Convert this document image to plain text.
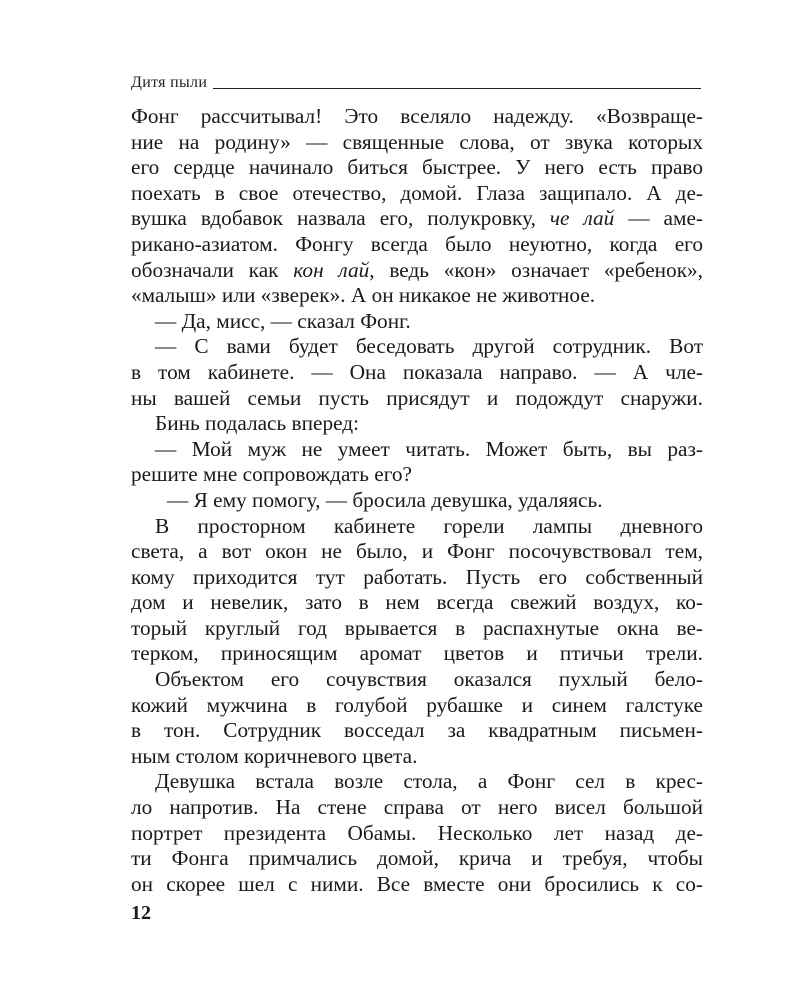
Дитя пыли
Фонг рассчитывал! Это вселяло надежду. «Возвраще-
ние на родину» — священные слова, от звука которых
его сердце начинало биться быстрее. У него есть право
поехать в свое отечество, домой. Глаза защипало. А де-
вушка вдобавок назвала его, полукровку, че лай — аме-
рикано-азиатом. Фонгу всегда было неуютно, когда его
обозначали как кон лай, ведь «кон» означает «ребенок»,
«малыш» или «зверек». А он никакое не животное.
— Да, мисс, — сказал Фонг.
— С вами будет беседовать другой сотрудник. Вот
в том кабинете. — Она показала направо. — А чле-
ны вашей семьи пусть присядут и подождут снаружи.
Бинь подалась вперед:
— Мой муж не умеет читать. Может быть, вы раз-
решите мне сопровождать его?
— Я ему помогу, — бросила девушка, удаляясь.
В просторном кабинете горели лампы дневного
света, а вот окон не было, и Фонг посочувствовал тем,
кому приходится тут работать. Пусть его собственный
дом и невелик, зато в нем всегда свежий воздух, ко-
торый круглый год врывается в распахнутые окна ве-
терком, приносящим аромат цветов и птичьи трели.
Объектом его сочувствия оказался пухлый бело-
кожий мужчина в голубой рубашке и синем галстуке
в тон. Сотрудник восседал за квадратным письмен-
ным столом коричневого цвета.
Девушка встала возле стола, а Фонг сел в крес-
ло напротив. На стене справа от него висел большой
портрет президента Обамы. Несколько лет назад де-
ти Фонга примчались домой, крича и требуя, чтобы
он скорее шел с ними. Все вместе они бросились к со-
12
